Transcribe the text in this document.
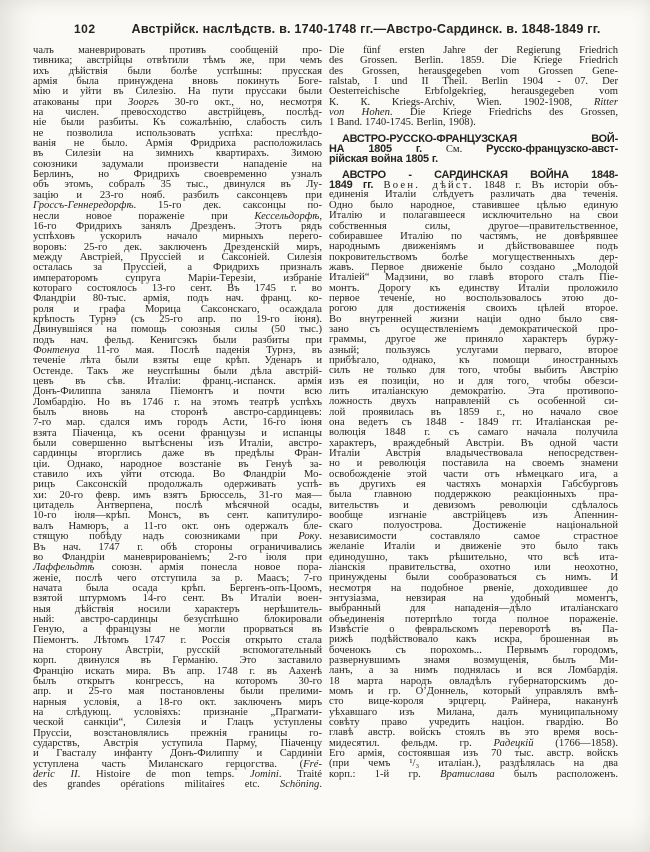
102	Австрійск. наслѣдств. в. 1740-1748 гг.—Австро-Сардинск. в. 1848-1849 гг.
чалъ маневрировать противъ сообщеній про-
тивника; австрійцы отвѣтили тѣмъ же, при чемъ
ихъ дѣйствія были болѣе успѣшны: прусская
армія была принуждена вновь покинуть Боге-
мію и уйти въ Силезію. На пути пруссаки были
атакованы при Зооргъ 30-го окт., но, несмотря
на числен. превосходство австрійцевъ, послѣд-
ніе были разбиты. Къ сожалѣнію, слабость силъ
не позволила использовать успѣха: преслѣдо-
ванія не было. Армія Фридриха расположилась
въ Силезіи на зимнихъ квартирахъ. Зимою
союзники задумали произвести нападеніе на
Берлинъ, но Фридрихъ своевременно узналъ
объ этомъ, собралъ 35 тыс., двинулся въ Лу-
зацію и 23-го нояб. разбилъ саксонцевъ при
Гроссъ-Геннередорфѣ. 15-го дек. саксонцы по-
несли новое пораженіе при Кессельдорфѣ,
16-го Фридрихъ занялъ Дрезденъ. Этотъ рядъ
успѣховъ ускорилъ начало мирныхъ перего-
воровъ: 25-го дек. заключенъ Дрезденскій миръ,
между Австріей, Пруссіей и Саксоніей. Силезія
осталась за Пруссіей, а Фридрихъ призналъ
императоромъ супруга Маріи-Терезіи, избраніе
котораго состоялось 13-го сент. Въ 1745 г. во
Фландріи 80-тыс. армія, подъ нач. франц. ко-
роля и графа Морица Саксонскаго, осаждала
крѣпость Турнэ (съ 25-го апр. по 19-го іюня).
Двинувшіяся на помощь союзныя силы (50 тыс.)
подъ нач. фельд. Кенигсэкъ были разбиты при
Фонтенуа 11-го мая. Послѣ паденія Турнэ, въ
теченіе лѣта были взяты еще крѣп. Уденаръ и
Остенде. Такъ же неуспѣшны были дѣла австрій-
цевъ въ сѣв. Италіи: франц.-испанск. армія
Донъ-Филиппа заняла Піемонтъ и почти всю
Ломбардію. Но въ 1746 г. на этомъ театрѣ успѣхъ
былъ вновь на сторонѣ австро-сардинцевъ:
7-го мар. сдался имъ городъ Асти, 16-го іюня
взята Піаченца, къ осени французы и испанцы
были совершенно вытѣснены изъ Италіи, австро-
сардинцы вторглись даже въ предѣлы Фран-
ціи. Однако, народное возстаніе въ Генуѣ за-
ставило ихъ уйти отсюда. Во Фландріи Мо-
рицъ Саксонскій продолжалъ одерживать успѣ-
хи: 20-го февр. имъ взятъ Брюссель, 31-го мая—
цитадель Антверпена, послѣ мѣсячной осады,
10-го іюля—крѣп. Монсъ, въ сент. капитулиро-
валъ Намюръ, а 11-го окт. онъ одержалъ бле-
стящую побѣду надъ союзниками при Року.
Въ нач. 1747 г. обѣ стороны ограничивались
во Фландріи маневрированіемъ; 2-го іюля при
Лаффельдтѣ союзн. армія понесла новое пора-
женіе, послѣ чего отступила за р. Маасъ; 7-го
начата была осада крѣп. Бергенъ-опъ-Цоомъ,
взятой штурмомъ 14-го сент. Въ Италіи воен-
ныя дѣйствія носили характеръ нерѣшитель-
ный: австро-сардинцы безуспѣшно блокировали
Геную, а французы не могли прорваться въ
Піемонтъ. Лѣтомъ 1747 г. Россія открыто стала
на сторону Австріи, русскій вспомогательный
корп. двинулся въ Германію. Это заставило
Францію искать мира. Въ апр. 1748 г. въ Аахенѣ
былъ открытъ конгрессъ, на которомъ 30-го
апр. и 25-го мая постановлены были прелими-
нарныя условія, а 18-го окт. заключенъ миръ
на слѣдующ. условіяхъ: признаніе „Прагмати-
ческой санкціи“, Силезія и Глацъ уступлены
Пруссіи, возстановлялись прежнія границы го-
сударствъ, Австрія уступила Парму, Піаченцу
и Гвасталу инфанту Донъ-Филиппу и Сардиніи
уступлена часть Миланскаго герцогства. (Fré-
deric II. Histoire de mon temps. Jomini. Traité
des grandes opérations militaires etc. Schöning.
Die fünf ersten Jahre der Regierung Friedrich
des Grossen. Berlin. 1859. Die Kriege Friedrich
des Grossen, herausgegeben vom Grossen Gene-
ralstab, I und II Theil. Berlin 1904 - 07. Der
Oesterreichische Erbfolgekrieg, herausgegeben vom
К. К. Kriegs-Archiv, Wien. 1902-1908, Ritter
von Hohen. Die Kriege Friedrichs des Grossen,
1 Band. 1740-1745. Berlin, 1908).
АВСТРО-РУССКО-ФРАНЦУЗСКАЯ ВОЙ-
НА 1805 г. См. Русско-французско-авст-
рійская война 1805 г.
АВСТРО - САРДИНСКАЯ ВОЙНА 1848-
1849 гг. Воен. дѣйст. 1848 г. Въ исторіи объ-
единенія Италіи слѣдуетъ различать два теченія.
Одно было народное, ставившее цѣлью единую
Италію и полагавшееся исключительно на свои
собственныя силы, другое—правительственное,
собиравшее Италію по частямъ, не довѣрявшее
народнымъ движеніямъ и дѣйствовавшее подъ
покровительствомъ болѣе могущественныхъ дер-
жавъ. Первое движеніе было создано „Молодой
Италіей“ Мадзини, во главѣ второго сталъ Піе-
монтъ. Дорогу къ единству Италіи проложило
первое теченіе, но воспользовалось этою до-
рогою для достиженія своихъ цѣлей второе.
Во внутренней жизни націи одно было свя-
зано съ осуществленіемъ демократической про-
граммы, другое же приняло характеръ буржу-
азный; пользуясь услугами перваго, второе
прибѣгало, однако, къ помощи иностранныхъ
силъ не только для того, чтобы выбить Австрію
изъ ея позиціи, но и для того, чтобы обезси-
лить италіанскую демократію. Эта противопо-
ложность двухъ направленій съ особенной си-
лой проявилась въ 1859 г., но начало свое
она ведетъ съ 1848 - 1849 гг. Италіанская ре-
волюція 1848 г. съ самаго начала получила
характеръ, враждебный Австріи. Въ одной части
Италіи Австрія владычествовала непосредствен-
но и революція поставила на своемъ знамени
освобожденіе этой части отъ нѣмецкаго ига, а
въ другихъ ея частяхъ монархія Габсбурговъ
была главною поддержкою реакціонныхъ пра-
вительствъ и девизомъ революціи сдѣлалось
вообще изгнаніе австрійцевъ изъ Апеннин-
скаго полуострова. Достиженіе національной
независимости составляло самое страстное
желаніе Италіи и движеніе это было такъ
единодушно, такъ рѣшительно, что всѣ ита-
ліанскія правительства, охотно или неохотно,
принуждены были сообразоваться съ нимъ. И
несмотря на подобное рвеніе, доходившее до
энтузіазма, невзирая на удобный моментъ,
выбранный для нападенія—дѣло италіанскаго
объединенія потерпѣло тогда полное пораженіе.
Извѣстіе о февральскомъ переворотѣ въ Па-
рижѣ подѣйствовало какъ искра, брошенная въ
боченокъ съ порохомъ... Первымъ городомъ,
развернувшимъ знамя возмущенія, былъ Ми-
ланъ, а за нимъ поднялась и вся Ломбардія.
18 марта народъ овладѣлъ губернаторскимъ до-
момъ и гр. О’Доннель, который управлялъ вмѣ-
сто вице-короля эрцгерц. Райнера, наканунѣ
уѣхавшаго изъ Милана, далъ муниципальному
совѣту право учредить націон. гвардію. Во
главѣ австр. войскъ стоялъ въ это время вось-
мидесятил. фельдм. гр. Радецкій (1766—1858).
Его армія, состоявшая изъ 70 тыс. австр. войскъ
(при чемъ ¹/₃ италіан.), раздѣлялась на два
корп.: 1-й гр. Вратислава былъ расположенъ.
